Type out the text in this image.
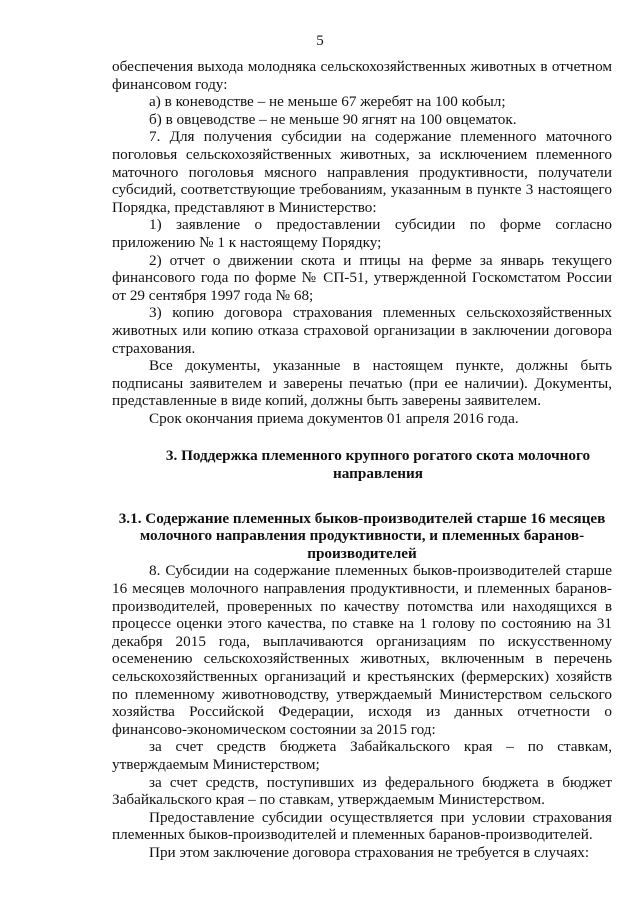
5

обеспечения выхода молодняка сельскохозяйственных животных в отчетном финансовом году:

а) в коневодстве – не меньше 67 жеребят на 100 кобыл;

б) в овцеводстве – не меньше 90 ягнят на 100 овцематок.

7. Для получения субсидии на содержание племенного маточного поголовья сельскохозяйственных животных, за исключением племенного маточного поголовья мясного направления продуктивности, получатели субсидий, соответствующие требованиям, указанным в пункте 3 настоящего Порядка, представляют в Министерство:

1) заявление о предоставлении субсидии по форме согласно приложению № 1 к настоящему Порядку;

2) отчет о движении скота и птицы на ферме за январь текущего финансового года по форме № СП-51, утвержденной Госкомстатом России от 29 сентября 1997 года № 68;

3) копию договора страхования племенных сельскохозяйственных животных или копию отказа страховой организации в заключении договора страхования.

Все документы, указанные в настоящем пункте, должны быть подписаны заявителем и заверены печатью (при ее наличии). Документы, представленные в виде копий, должны быть заверены заявителем.

Срок окончания приема документов 01 апреля 2016 года.

3. Поддержка племенного крупного рогатого скота молочного направления

3.1. Содержание племенных быков-производителей старше 16 месяцев молочного направления продуктивности, и племенных баранов-производителей

8. Субсидии на содержание племенных быков-производителей старше 16 месяцев молочного направления продуктивности, и племенных баранов-производителей, проверенных по качеству потомства или находящихся в процессе оценки этого качества, по ставке на 1 голову по состоянию на 31 декабря 2015 года, выплачиваются организациям по искусственному осеменению сельскохозяйственных животных, включенным в перечень сельскохозяйственных организаций и крестьянских (фермерских) хозяйств по племенному животноводству, утверждаемый Министерством сельского хозяйства Российской Федерации, исходя из данных отчетности о финансово-экономическом состоянии за 2015 год:

за счет средств бюджета Забайкальского края – по ставкам, утверждаемым Министерством;

за счет средств, поступивших из федерального бюджета в бюджет Забайкальского края – по ставкам, утверждаемым Министерством.

Предоставление субсидии осуществляется при условии страхования племенных быков-производителей и племенных баранов-производителей.

При этом заключение договора страхования не требуется в случаях:
